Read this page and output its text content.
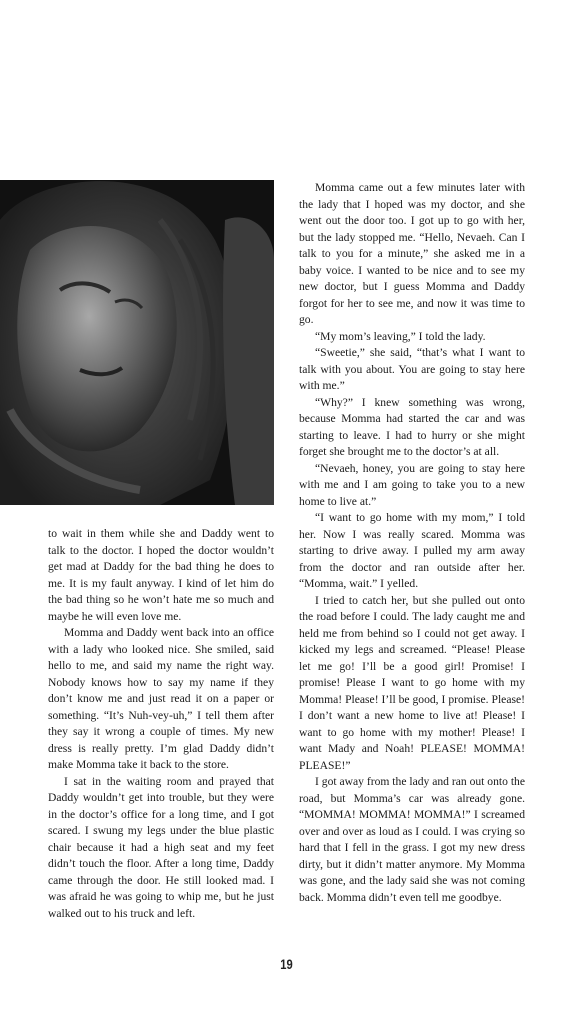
to wait in them while she and Daddy went to talk to the doctor. I hoped the doctor wouldn’t get mad at Daddy for the bad thing he does to me. It is my fault anyway. I kind of let him do the bad thing so he won’t hate me so much and maybe he will even love me.

Momma and Daddy went back into an office with a lady who looked nice. She smiled, said hello to me, and said my name the right way. Nobody knows how to say my name if they don’t know me and just read it on a paper or something. “It’s Nuh-vey-uh,” I tell them after they say it wrong a couple of times. My new dress is really pretty. I’m glad Daddy didn’t make Momma take it back to the store.

I sat in the waiting room and prayed that Daddy wouldn’t get into trouble, but they were in the doctor’s office for a long time, and I got scared. I swung my legs under the blue plastic chair because it had a high seat and my feet didn’t touch the floor. After a long time, Daddy came through the door. He still looked mad. I was afraid he was going to whip me, but he just walked out to his truck and left.

Momma came out a few minutes later with the lady that I hoped was my doctor, and she went out the door too. I got up to go with her, but the lady stopped me. “Hello, Nevaeh. Can I talk to you for a minute,” she asked me in a baby voice. I wanted to be nice and to see my new doctor, but I guess Momma and Daddy forgot for her to see me, and now it was time to go.

“My mom’s leaving,” I told the lady.

“Sweetie,” she said, “that’s what I want to talk with you about. You are going to stay here with me.”

“Why?” I knew something was wrong, because Momma had started the car and was starting to leave. I had to hurry or she might forget she brought me to the doctor’s at all.

“Nevaeh, honey, you are going to stay here with me and I am going to take you to a new home to live at.”

“I want to go home with my mom,” I told her. Now I was really scared. Momma was starting to drive away. I pulled my arm away from the doctor and ran outside after her. “Momma, wait.” I yelled.

I tried to catch her, but she pulled out onto the road before I could. The lady caught me and held me from behind so I could not get away. I kicked my legs and screamed. “Please! Please let me go! I’ll be a good girl! Promise! I promise! Please I want to go home with my Momma! Please! I’ll be good, I promise. Please! I don’t want a new home to live at! Please! I want to go home with my mother! Please! I want Mady and Noah! PLEASE! MOMMA! PLEASE!”

I got away from the lady and ran out onto the road, but Momma’s car was already gone. “MOMMA! MOMMA! MOMMA!” I screamed over and over as loud as I could. I was crying so hard that I fell in the grass. I got my new dress dirty, but it didn’t matter anymore. My Momma was gone, and the lady said she was not coming back. Momma didn’t even tell me goodbye.

19
